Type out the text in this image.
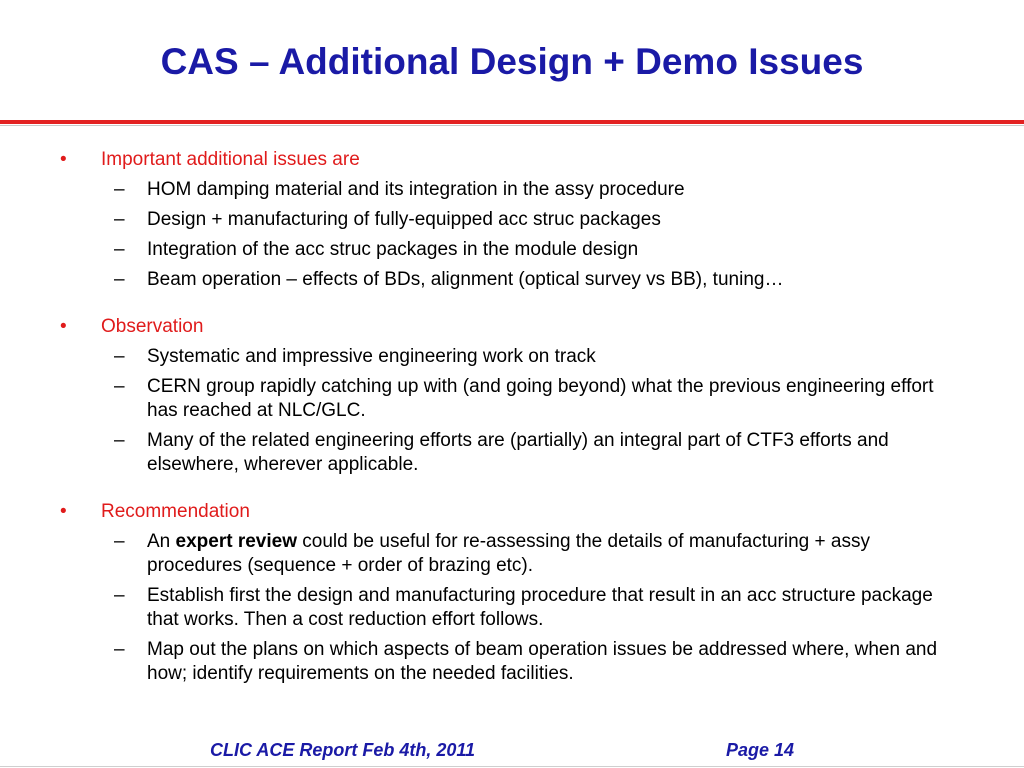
CAS – Additional Design + Demo Issues
• Important additional issues are
– HOM damping material and its integration in the assy procedure
– Design + manufacturing of fully-equipped acc struc packages
– Integration of the acc struc packages in the module design
– Beam operation – effects of BDs, alignment (optical survey vs BB), tuning…
• Observation
– Systematic and impressive engineering work on track
– CERN group rapidly catching up with (and going beyond) what the previous engineering effort has reached at NLC/GLC.
– Many of the related engineering efforts are (partially) an integral part of CTF3 efforts and elsewhere, wherever applicable.
• Recommendation
– An expert review could be useful for re-assessing the details of manufacturing + assy procedures (sequence + order of brazing etc).
– Establish first the design and manufacturing procedure that result in an acc structure package that works. Then a cost reduction effort follows.
– Map out the plans on which aspects of beam operation issues be addressed where, when and how; identify requirements on the needed facilities.
CLIC ACE Report Feb 4th, 2011	Page 14
